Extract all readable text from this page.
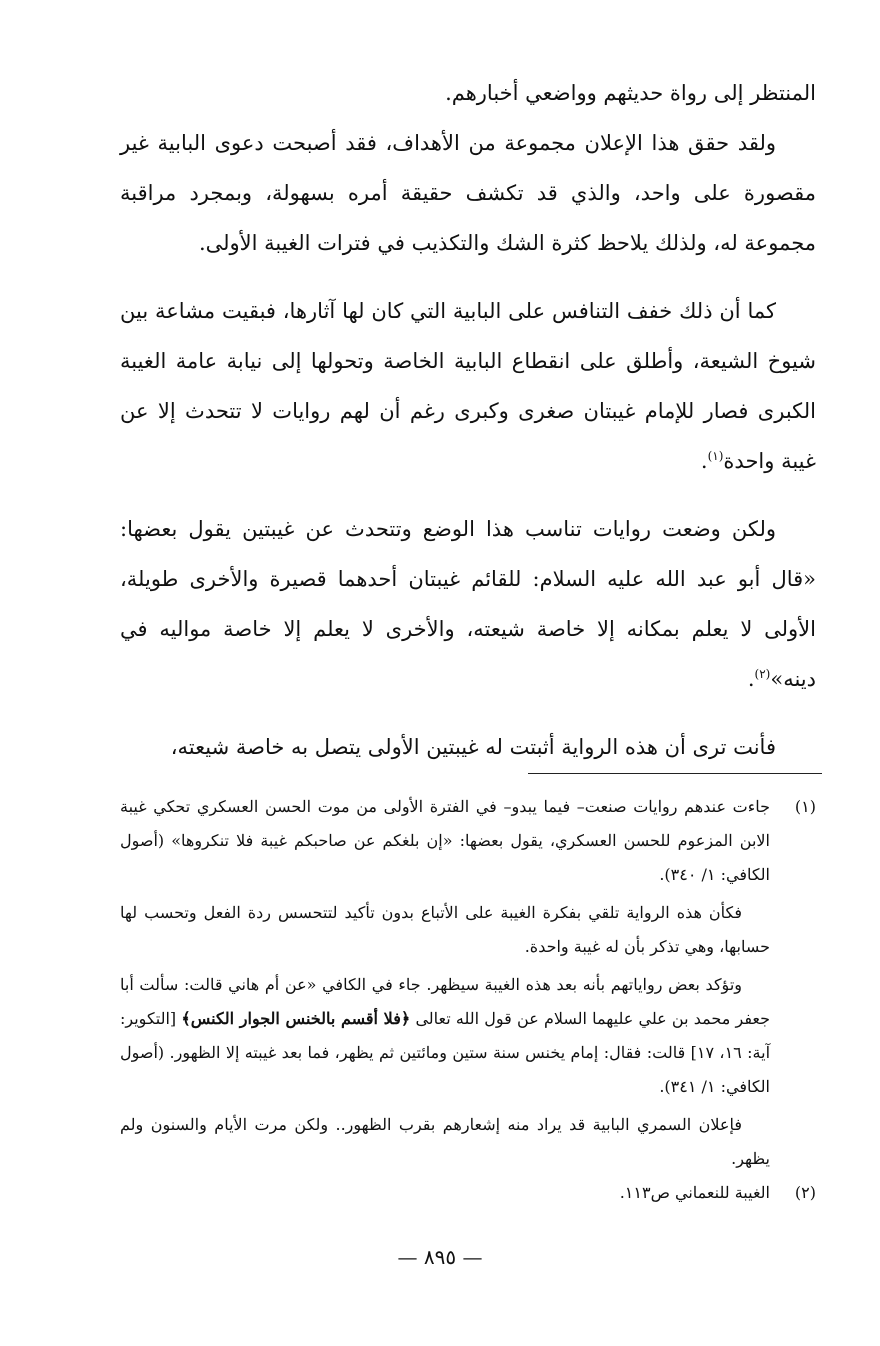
المنتظر إلى رواة حديثهم وواضعي أخبارهم.

ولقد حقق هذا الإعلان مجموعة من الأهداف، فقد أصبحت دعوى البابية غير مقصورة على واحد، والذي قد تكشف حقيقة أمره بسهولة، وبمجرد مراقبة مجموعة له، ولذلك يلاحظ كثرة الشك والتكذيب في فترات الغيبة الأولى.

كما أن ذلك خفف التنافس على البابية التي كان لها آثارها، فبقيت مشاعة بين شيوخ الشيعة، وأطلق على انقطاع البابية الخاصة وتحولها إلى نيابة عامة الغيبة الكبرى فصار للإمام غيبتان صغرى وكبرى رغم أن لهم روايات لا تتحدث إلا عن غيبة واحدة$^{(١)}$.

ولكن وضعت روايات تناسب هذا الوضع وتتحدث عن غيبتين يقول بعضها: «قال أبو عبد الله عليه السلام: للقائم غيبتان أحدهما قصيرة والأخرى طويلة، الأولى لا يعلم بمكانه إلا خاصة شيعته، والأخرى لا يعلم إلا خاصة مواليه في دينه»$^{(٢)}$.

فأنت ترى أن هذه الرواية أثبتت له غيبتين الأولى يتصل به خاصة شيعته،

(١)

جاءت عندهم روايات صنعت– فيما يبدو– في الفترة الأولى من موت الحسن العسكري تحكي غيبة الابن المزعوم للحسن العسكري، يقول بعضها: «إن بلغكم عن صاحبكم غيبة فلا تنكروها» (أصول الكافي: ١/ ٣٤٠).

فكأن هذه الرواية تلقي بفكرة الغيبة على الأتباع بدون تأكيد لتتحسس ردة الفعل وتحسب لها حسابها، وهي تذكر بأن له غيبة واحدة.

وتؤكد بعض رواياتهم بأنه بعد هذه الغيبة سيظهر. جاء في الكافي «عن أم هاني قالت: سألت أبا جعفر محمد بن علي عليهما السلام عن قول الله تعالى ﴿فلا أقسم بالخنس الجوار الكنس﴾ [التكوير: آية: ١٦، ١٧] قالت: فقال: إمام يخنس سنة ستين ومائتين ثم يظهر، فما بعد غيبته إلا الظهور. (أصول الكافي: ١/ ٣٤١).

فإعلان السمري البابية قد يراد منه إشعارهم بقرب الظهور.. ولكن مرت الأيام والسنون ولم يظهر.

(٢)

الغيبة للنعماني ص١١٣.

— ٨٩٥ —
